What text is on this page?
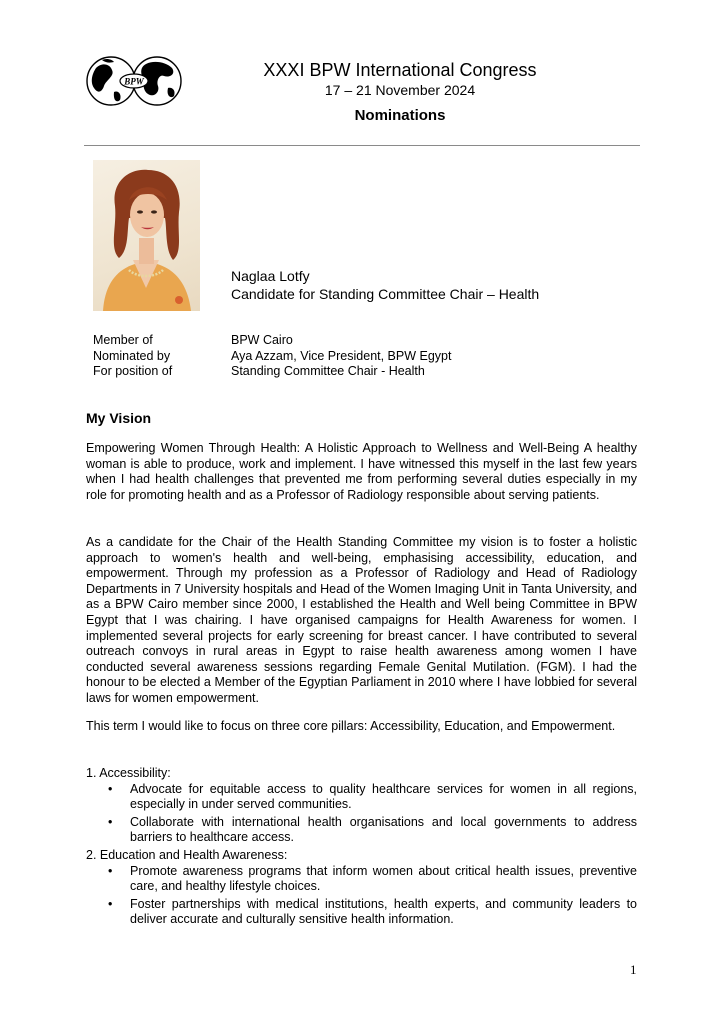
BPW
XXXI BPW International Congress
17 – 21 November 2024
Nominations
Naglaa Lotfy
Candidate for Standing Committee Chair – Health
Member of	BPW Cairo
Nominated by	Aya Azzam, Vice President, BPW Egypt
For position of	Standing Committee Chair - Health
My Vision
Empowering Women Through Health: A Holistic Approach to Wellness and Well-Being A healthy woman is able to produce, work and implement. I have witnessed this myself in the last few years when I had health challenges that prevented me from performing several duties especially in my role for promoting health and as a Professor of Radiology responsible about serving patients.
As a candidate for the Chair of the Health Standing Committee my vision is to foster a holistic approach to women's health and well-being, emphasising accessibility, education, and empowerment. Through my profession as a Professor of Radiology and Head of Radiology Departments in 7 University hospitals and Head of the Women Imaging Unit in Tanta University, and as a BPW Cairo member since 2000, I established the Health and Well being Committee in BPW Egypt that I was chairing. I have organised campaigns for Health Awareness for women. I implemented several projects for early screening for breast cancer. I have contributed to several outreach convoys in rural areas in Egypt to raise health awareness among women I have conducted several awareness sessions regarding Female Genital Mutilation. (FGM). I had the honour to be elected a Member of the Egyptian Parliament in 2010 where I have lobbied for several laws for women empowerment.
This term I would like to focus on three core pillars: Accessibility, Education, and Empowerment.
1. Accessibility:
• Advocate for equitable access to quality healthcare services for women in all regions, especially in under served communities.
• Collaborate with international health organisations and local governments to address barriers to healthcare access.
2. Education and Health Awareness:
• Promote awareness programs that inform women about critical health issues, preventive care, and healthy lifestyle choices.
• Foster partnerships with medical institutions, health experts, and community leaders to deliver accurate and culturally sensitive health information.
1
